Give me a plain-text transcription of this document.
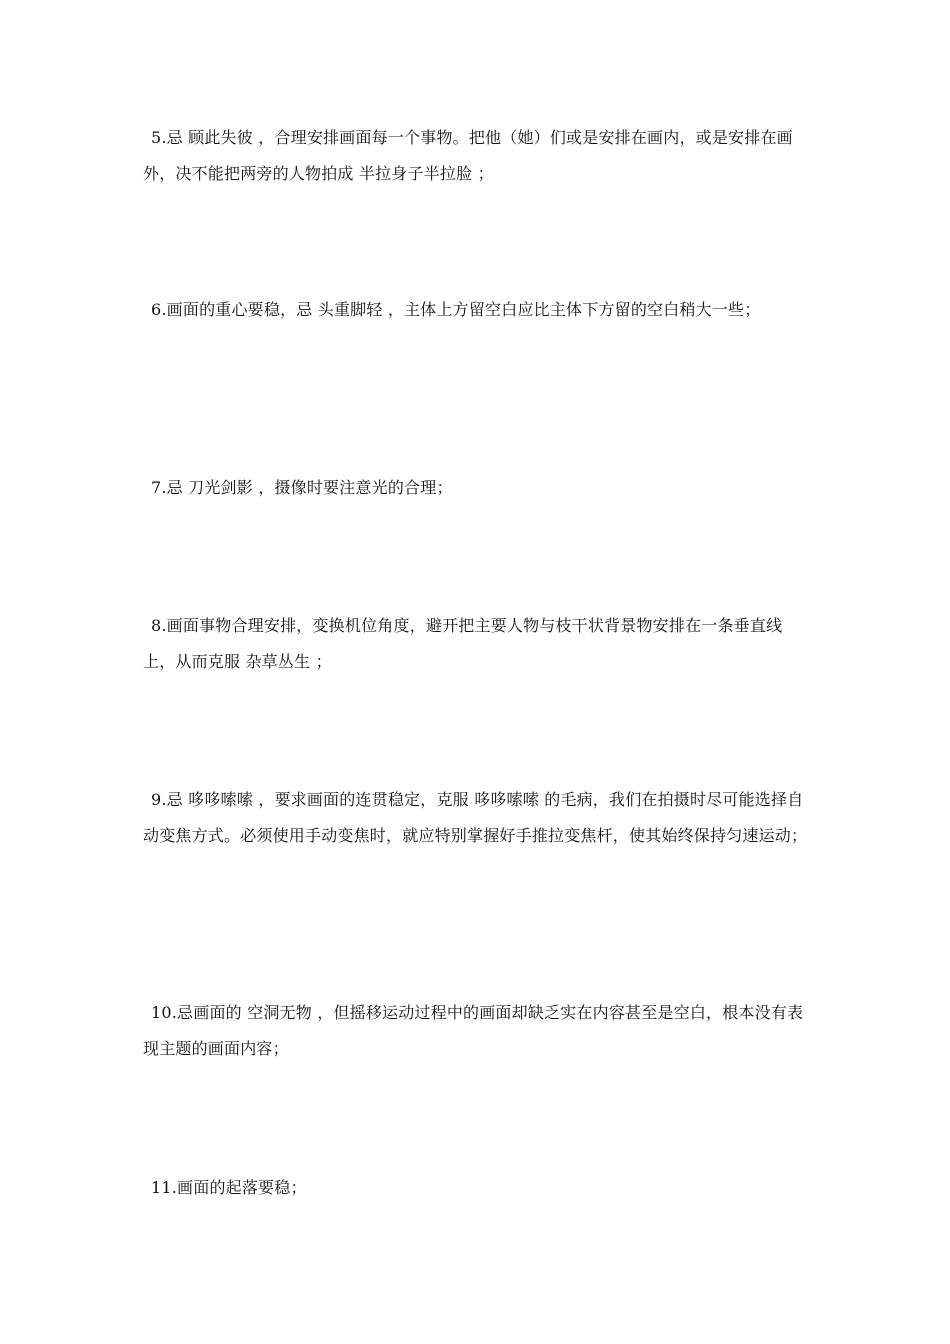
5.忌 顾此失彼 ，合理安排画面每一个事物。把他（她）们或是安排在画内，或是安排在画外，决不能把两旁的人物拍成 半拉身子半拉脸 ；

6.画面的重心要稳，忌 头重脚轻 ，主体上方留空白应比主体下方留的空白稍大一些；

7.忌 刀光剑影 ，摄像时要注意光的合理；

8.画面事物合理安排，变换机位角度，避开把主要人物与枝干状背景物安排在一条垂直线上，从而克服 杂草丛生 ；

9.忌 哆哆嗦嗦 ，要求画面的连贯稳定，克服 哆哆嗦嗦 的毛病，我们在拍摄时尽可能选择自动变焦方式。必须使用手动变焦时，就应特别掌握好手推拉变焦杆，使其始终保持匀速运动；

10.忌画面的 空洞无物 ，但摇移运动过程中的画面却缺乏实在内容甚至是空白，根本没有表现主题的画面内容；

11.画面的起落要稳；
